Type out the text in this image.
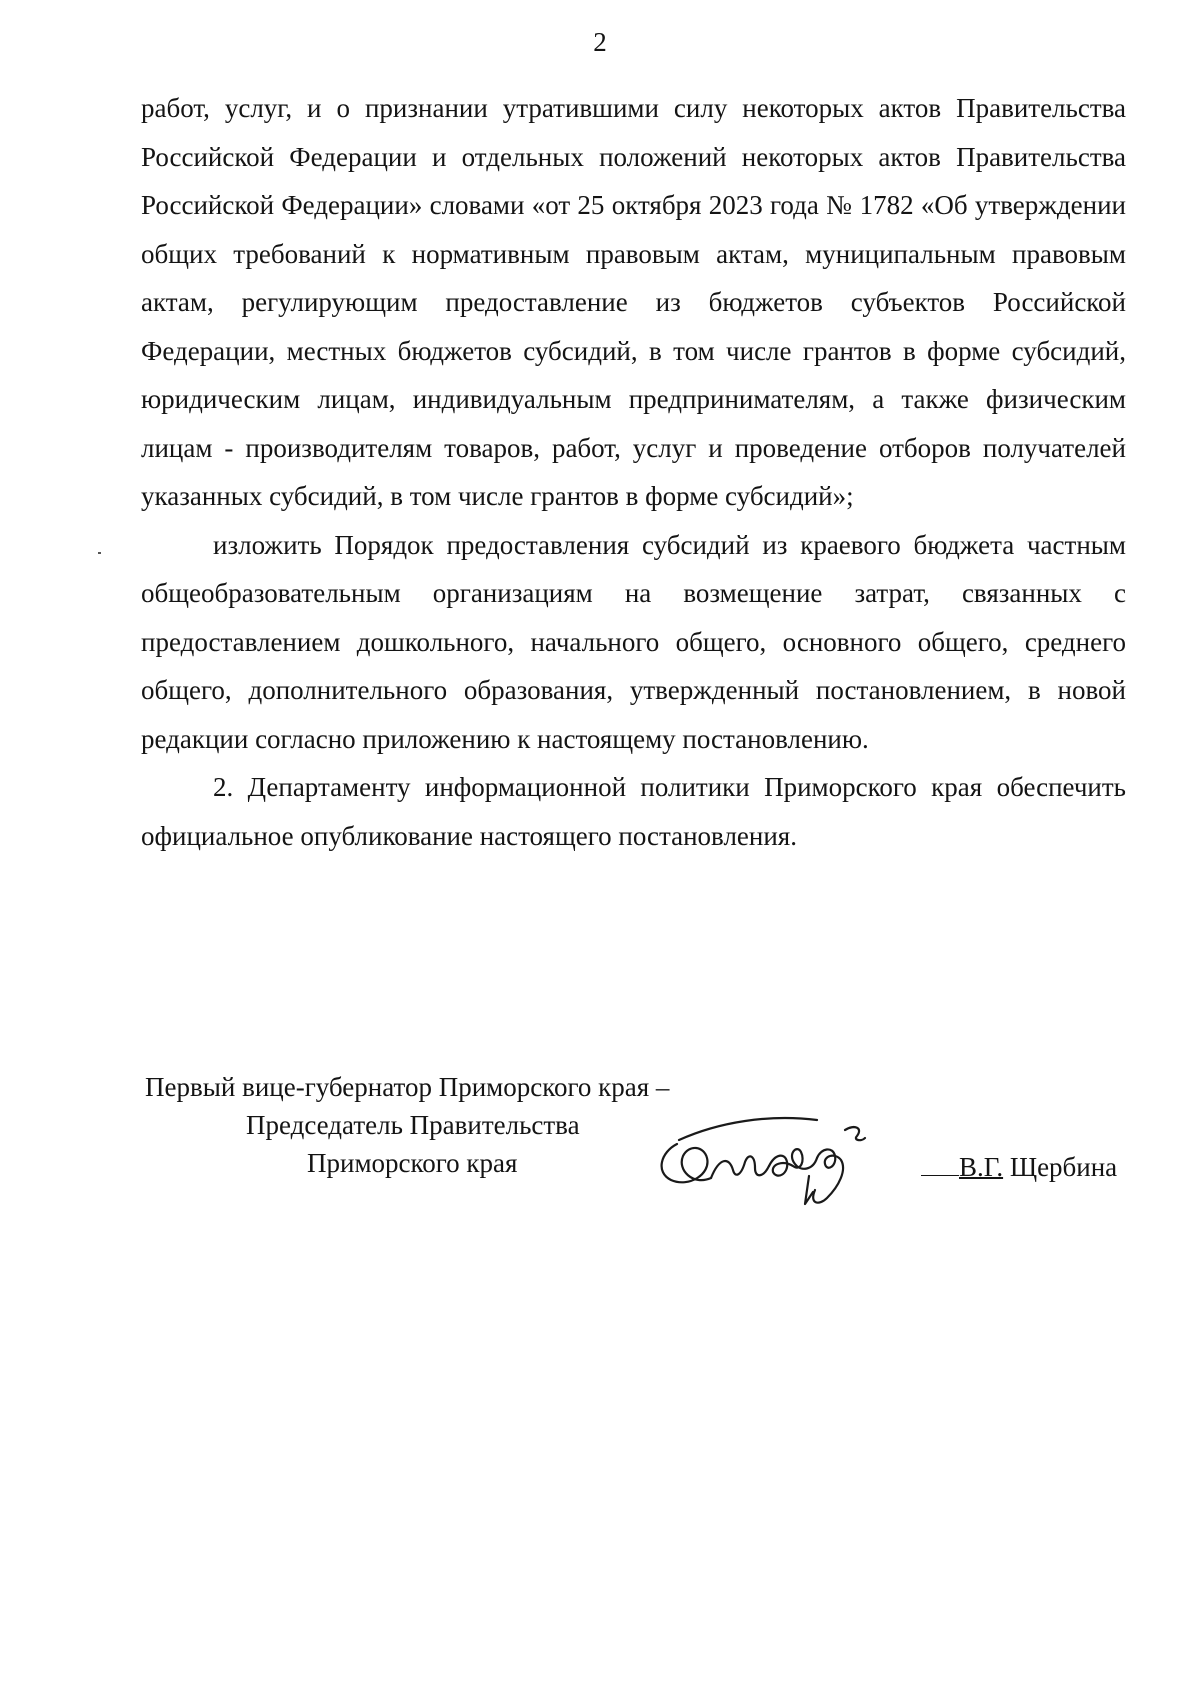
2

работ, услуг, и о признании утратившими силу некоторых актов Правительства Российской Федерации и отдельных положений некоторых актов Правительства Российской Федерации» словами «от 25 октября 2023 года № 1782 «Об утверждении общих требований к нормативным правовым актам, муниципальным правовым актам, регулирующим предоставление из бюджетов субъектов Российской Федерации, местных бюджетов субсидий, в том числе грантов в форме субсидий, юридическим лицам, индивидуальным предпринимателям, а также физическим лицам - производителям товаров, работ, услуг и проведение отборов получателей указанных субсидий, в том числе грантов в форме субсидий»;

изложить Порядок предоставления субсидий из краевого бюджета частным общеобразовательным организациям на возмещение затрат, связанных с предоставлением дошкольного, начального общего, основного общего, среднего общего, дополнительного образования, утвержденный постановлением, в новой редакции согласно приложению к настоящему постановлению.

2. Департаменту информационной политики Приморского края обеспечить официальное опубликование настоящего постановления.

Первый вице-губернатор Приморского края –
Председатель Правительства
Приморского края	В.Г. Щербина
